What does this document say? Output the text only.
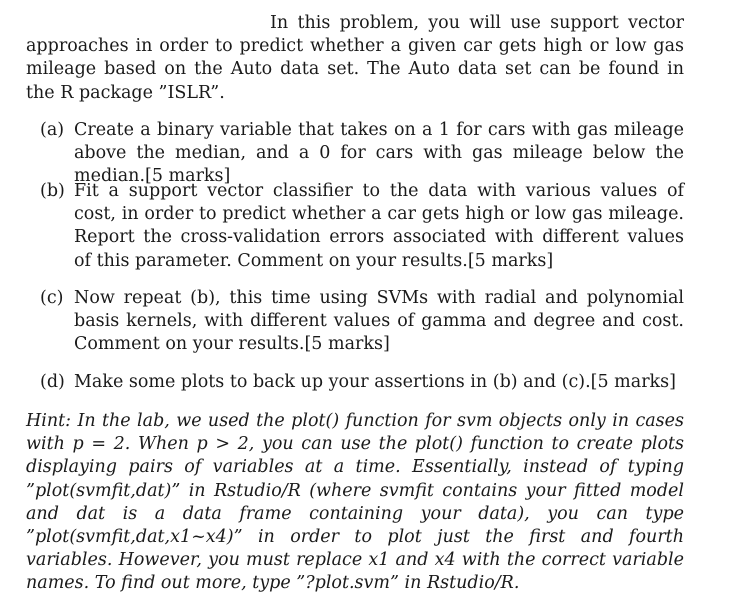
In this problem, you will use support vector approaches in order to predict whether a given car gets high or low gas mileage based on the Auto data set. The Auto data set can be found in the R package ”ISLR”.
(a) Create a binary variable that takes on a 1 for cars with gas mileage above the median, and a 0 for cars with gas mileage below the median.[5 marks]
(b) Fit a support vector classifier to the data with various values of cost, in order to predict whether a car gets high or low gas mileage. Report the cross-validation errors associated with different values of this parameter. Comment on your results.[5 marks]
(c) Now repeat (b), this time using SVMs with radial and polynomial basis kernels, with different values of gamma and degree and cost. Comment on your results.[5 marks]
(d) Make some plots to back up your assertions in (b) and (c).[5 marks]
Hint: In the lab, we used the plot() function for svm objects only in cases with p = 2. When p > 2, you can use the plot() function to create plots displaying pairs of variables at a time. Essentially, instead of typing ”plot(svmfit,dat)” in Rstudio/R (where svmfit contains your fitted model and dat is a data frame containing your data), you can type ”plot(svmfit,dat,x1~x4)” in order to plot just the first and fourth variables. However, you must replace x1 and x4 with the correct variable names. To find out more, type ”?plot.svm” in Rstudio/R.
